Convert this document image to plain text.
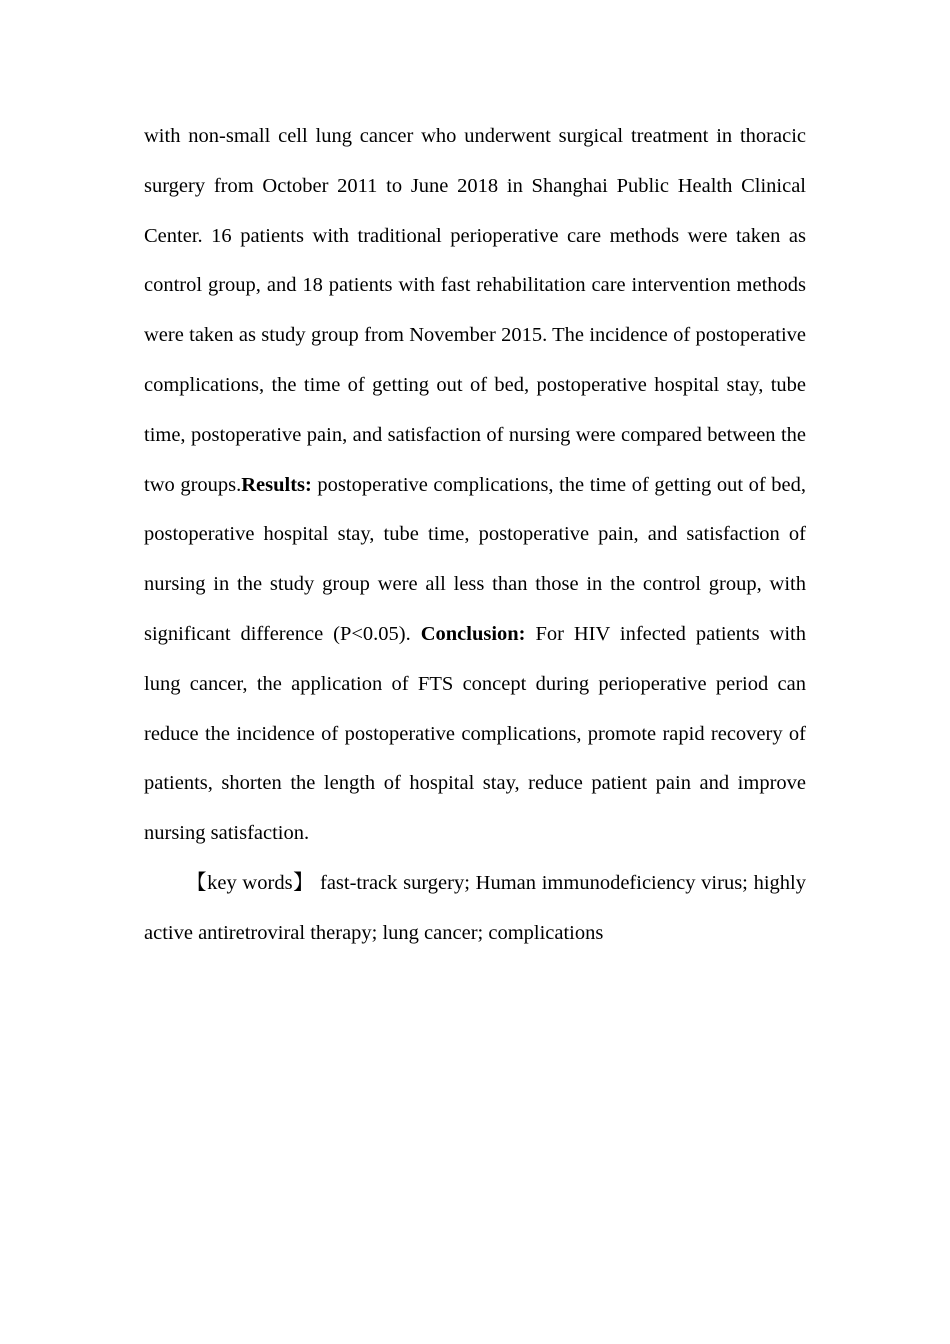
with non-small cell lung cancer who underwent surgical treatment in thoracic surgery from October 2011 to June 2018 in Shanghai Public Health Clinical Center. 16 patients with traditional perioperative care methods were taken as control group, and 18 patients with fast rehabilitation care intervention methods were taken as study group from November 2015. The incidence of postoperative complications, the time of getting out of bed, postoperative hospital stay, tube time, postoperative pain, and satisfaction of nursing were compared between the two groups.Results: postoperative complications, the time of getting out of bed, postoperative hospital stay, tube time, postoperative pain, and satisfaction of nursing in the study group were all less than those in the control group, with significant difference (P<0.05). Conclusion: For HIV infected patients with lung cancer, the application of FTS concept during perioperative period can reduce the incidence of postoperative complications, promote rapid recovery of patients, shorten the length of hospital stay, reduce patient pain and improve nursing satisfaction.

【key words】 fast-track surgery; Human immunodeficiency virus; highly active antiretroviral therapy; lung cancer; complications
